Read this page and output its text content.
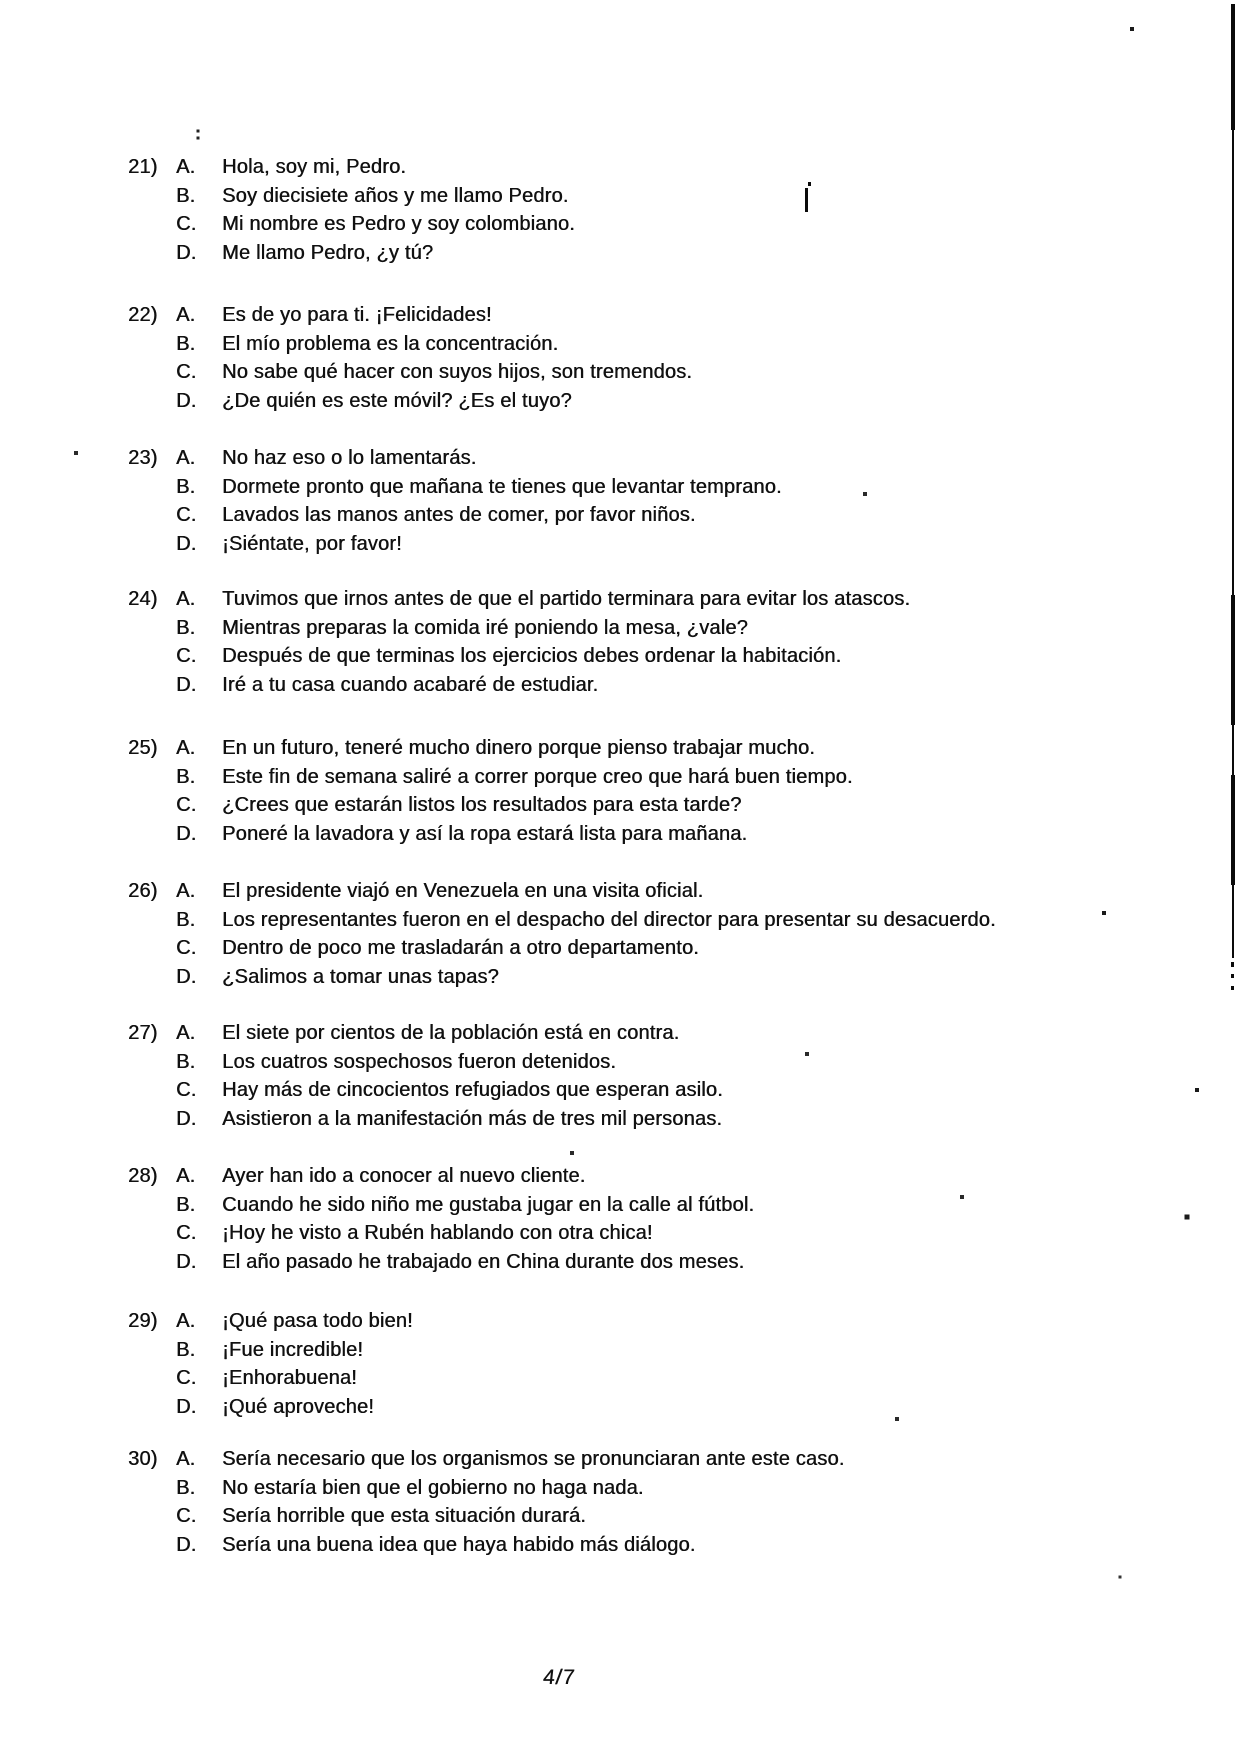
21) A.	Hola, soy mi, Pedro.
B.	Soy diecisiete años y me llamo Pedro.
C.	Mi nombre es Pedro y soy colombiano.
D.	Me llamo Pedro, ¿y tú?
22) A.	Es de yo para ti. ¡Felicidades!
B.	El mío problema es la concentración.
C.	No sabe qué hacer con suyos hijos, son tremendos.
D.	¿De quién es este móvil? ¿Es el tuyo?
23) A.	No haz eso o lo lamentarás.
B.	Dormete pronto que mañana te tienes que levantar temprano.
C.	Lavados las manos antes de comer, por favor niños.
D.	¡Siéntate, por favor!
24) A.	Tuvimos que irnos antes de que el partido terminara para evitar los atascos.
B.	Mientras preparas la comida iré poniendo la mesa, ¿vale?
C.	Después de que terminas los ejercicios debes ordenar la habitación.
D.	Iré a tu casa cuando acabaré de estudiar.
25) A.	En un futuro, teneré mucho dinero porque pienso trabajar mucho.
B.	Este fin de semana saliré a correr porque creo que hará buen tiempo.
C.	¿Crees que estarán listos los resultados para esta tarde?
D.	Poneré la lavadora y así la ropa estará lista para mañana.
26) A.	El presidente viajó en Venezuela en una visita oficial.
B.	Los representantes fueron en el despacho del director para presentar su desacuerdo.
C.	Dentro de poco me trasladarán a otro departamento.
D.	¿Salimos a tomar unas tapas?
27) A.	El siete por cientos de la población está en contra.
B.	Los cuatros sospechosos fueron detenidos.
C.	Hay más de cincocientos refugiados que esperan asilo.
D.	Asistieron a la manifestación más de tres mil personas.
28) A.	Ayer han ido a conocer al nuevo cliente.
B.	Cuando he sido niño me gustaba jugar en la calle al fútbol.
C.	¡Hoy he visto a Rubén hablando con otra chica!
D.	El año pasado he trabajado en China durante dos meses.
29) A.	¡Qué pasa todo bien!
B.	¡Fue incredible!
C.	¡Enhorabuena!
D.	¡Qué aproveche!
30) A.	Sería necesario que los organismos se pronunciaran ante este caso.
B.	No estaría bien que el gobierno no haga nada.
C.	Sería horrible que esta situación durará.
D.	Sería una buena idea que haya habido más diálogo.
4/7
